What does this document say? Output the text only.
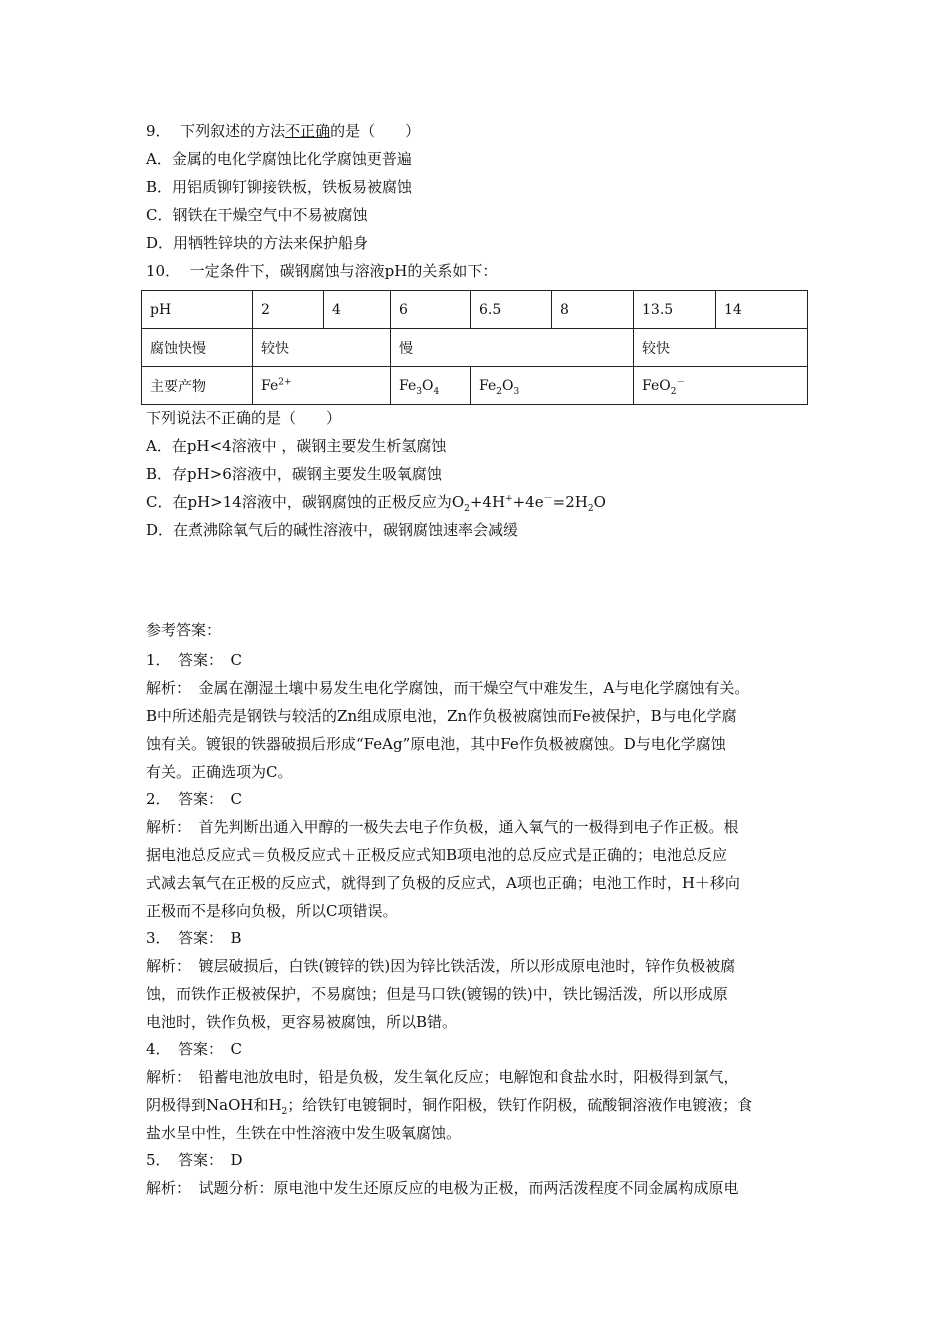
9． 下列叙述的方法不正确的是（　　）
A．金属的电化学腐蚀比化学腐蚀更普遍
B．用铝质铆钉铆接铁板，铁板易被腐蚀
C．钢铁在干燥空气中不易被腐蚀
D．用牺牲锌块的方法来保护船身
10． 一定条件下，碳钢腐蚀与溶液pH的关系如下：
pH	2	4	6	6.5	8	13.5	14
腐蚀快慢	较快		慢			较快	
主要产物	$Fe^{2+}$		$Fe_3O_4$	$Fe_2O_3$		FeO$_2$－
下列说法不正确的是（　　）
A．在pH<4溶液中 ，碳钢主要发生析氢腐蚀
B．存pH>6溶液中，碳钢主要发生吸氧腐蚀
C．在pH>14溶液中，碳钢腐蚀的正极反应为$O_2+4H^++4e^-=2H_2O$
D．在煮沸除氧气后的碱性溶液中，碳钢腐蚀速率会减缓
参考答案：
1．　答案：　C
解析：　金属在潮湿土壤中易发生电化学腐蚀，而干燥空气中难发生，A与电化学腐蚀有关。
B中所述船壳是钢铁与较活的Zn组成原电池，Zn作负极被腐蚀而Fe被保护，B与电化学腐
蚀有关。镀银的铁器破损后形成“FeAg”原电池，其中Fe作负极被腐蚀。D与电化学腐蚀
有关。正确选项为C。
2．　答案：　C
解析：　首先判断出通入甲醇的一极失去电子作负极，通入氧气的一极得到电子作正极。根
据电池总反应式＝负极反应式＋正极反应式知B项电池的总反应式是正确的；电池总反应
式减去氧气在正极的反应式，就得到了负极的反应式，A项也正确；电池工作时，H＋移向
正极而不是移向负极，所以C项错误。
3．　答案：　B
解析：　镀层破损后，白铁(镀锌的铁)因为锌比铁活泼，所以形成原电池时，锌作负极被腐
蚀，而铁作正极被保护，不易腐蚀；但是马口铁(镀锡的铁)中，铁比锡活泼，所以形成原
电池时，铁作负极，更容易被腐蚀，所以B错。
4．　答案：　C
解析：　铅蓄电池放电时，铅是负极，发生氧化反应；电解饱和食盐水时，阳极得到氯气，
阴极得到NaOH和$H_2$；给铁钉电镀铜时，铜作阳极，铁钉作阴极，硫酸铜溶液作电镀液；食
盐水呈中性，生铁在中性溶液中发生吸氧腐蚀。
5．　答案：　D
解析：　试题分析：原电池中发生还原反应的电极为正极，而两活泼程度不同金属构成原电
